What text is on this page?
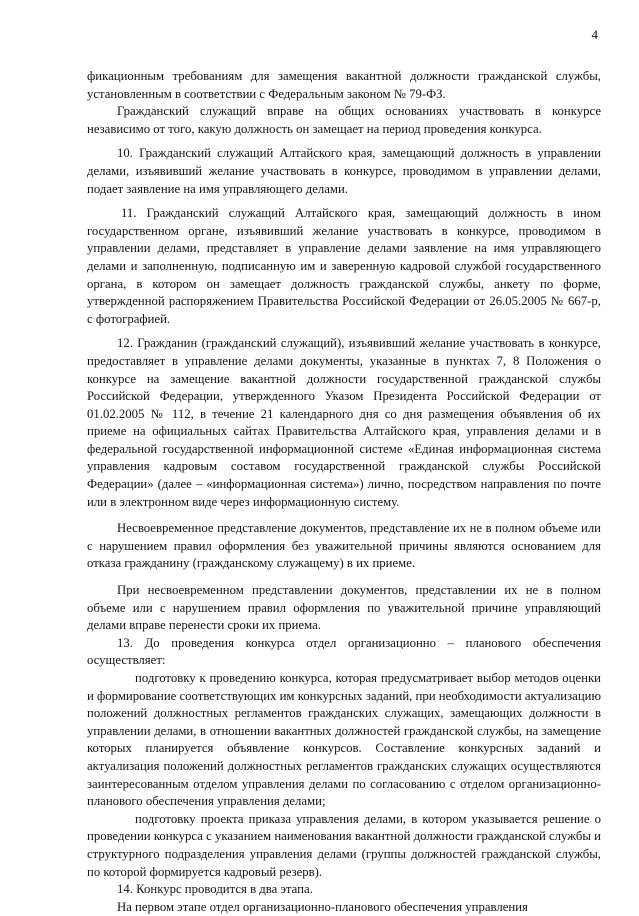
4

фикационным требованиям для замещения вакантной должности гражданской службы, установленным в соответствии с Федеральным законом № 79-ФЗ.

Гражданский служащий вправе на общих основаниях участвовать в конкурсе независимо от того, какую должность он замещает на период проведения конкурса.

10. Гражданский служащий Алтайского края, замещающий должность в управлении делами, изъявивший желание участвовать в конкурсе, проводимом в управлении делами, подает заявление на имя управляющего делами.

11. Гражданский служащий Алтайского края, замещающий должность в ином государственном органе, изъявивший желание участвовать в конкурсе, проводимом в управлении делами, представляет в управление делами заявление на имя управляющего делами и заполненную, подписанную им и заверенную кадровой службой государственного органа, в котором он замещает должность гражданской службы, анкету по форме, утвержденной распоряжением Правительства Российской Федерации от 26.05.2005 № 667-р, с фотографией.

12. Гражданин (гражданский служащий), изъявивший желание участвовать в конкурсе, предоставляет в управление делами документы, указанные в пунктах 7, 8 Положения о конкурсе на замещение вакантной должности государственной гражданской службы Российской Федерации, утвержденного Указом Президента Российской Федерации от 01.02.2005 № 112, в течение 21 календарного дня со дня размещения объявления об их приеме на официальных сайтах Правительства Алтайского края, управления делами и в федеральной государственной информационной системе «Единая информационная система управления кадровым составом государственной гражданской службы Российской Федерации» (далее – «информационная система») лично, посредством направления по почте или в электронном виде через информационную систему.

Несвоевременное представление документов, представление их не в полном объеме или с нарушением правил оформления без уважительной причины являются основанием для отказа гражданину (гражданскому служащему) в их приеме.

При несвоевременном представлении документов, представлении их не в полном объеме или с нарушением правил оформления по уважительной причине управляющий делами вправе перенести сроки их приема.

13. До проведения конкурса отдел организационно – планового обеспечения осуществляет:

подготовку к проведению конкурса, которая предусматривает выбор методов оценки и формирование соответствующих им конкурсных заданий, при необходимости актуализацию положений должностных регламентов гражданских служащих, замещающих должности в управлении делами, в отношении вакантных должностей гражданской службы, на замещение которых планируется объявление конкурсов. Составление конкурсных заданий и актуализация положений должностных регламентов гражданских служащих осуществляются заинтересованным отделом управления делами по согласованию с отделом организационно-планового обеспечения управления делами;

подготовку проекта приказа управления делами, в котором указывается решение о проведении конкурса с указанием наименования вакантной должности гражданской службы и структурного подразделения управления делами (группы должностей гражданской службы, по которой формируется кадровый резерв).

14. Конкурс проводится в два этапа.

На первом этапе отдел организационно-планового обеспечения управления
